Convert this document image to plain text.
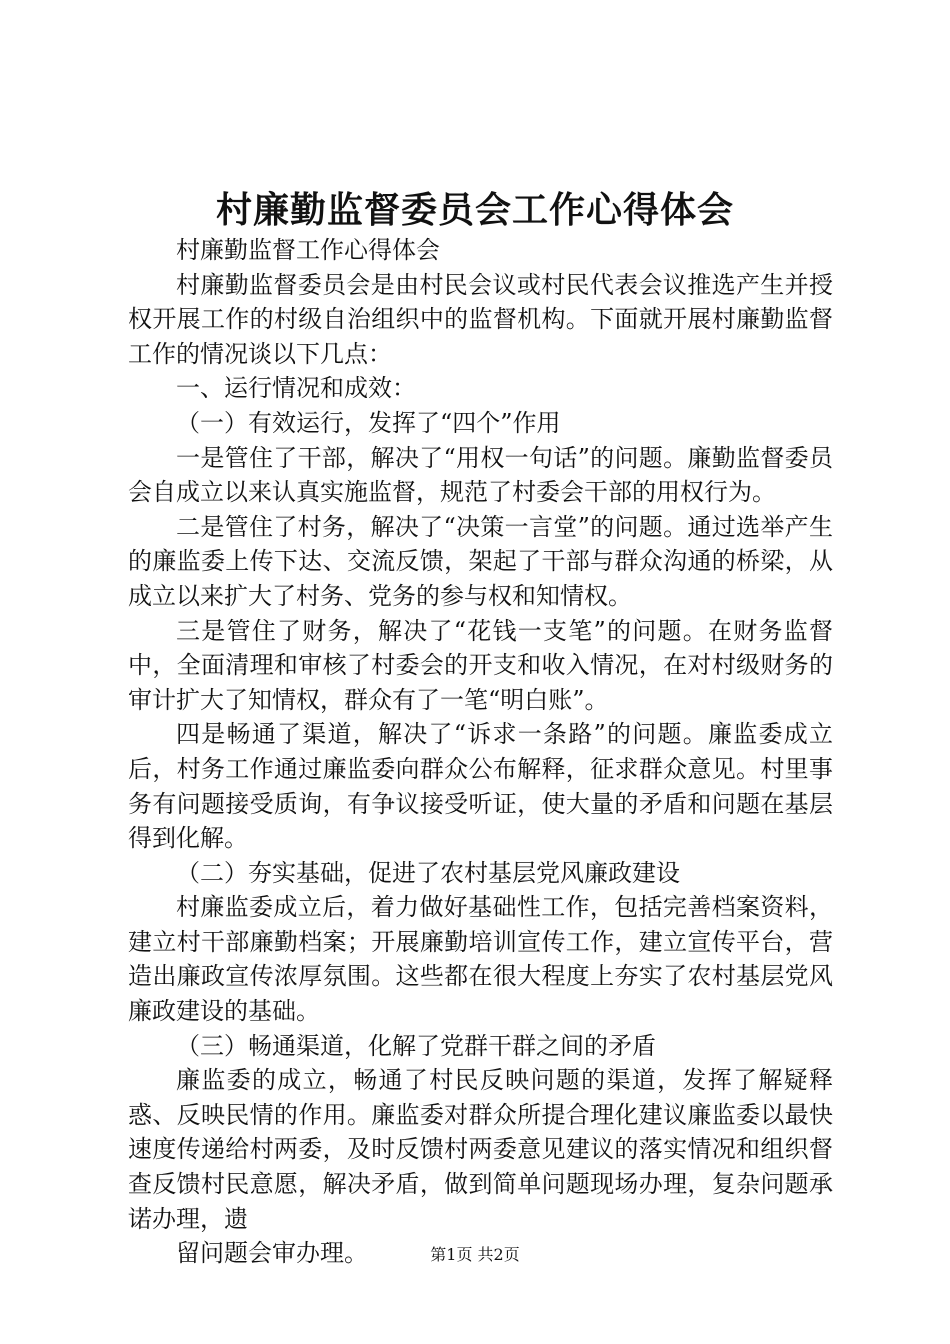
村廉勤监督委员会工作心得体会

村廉勤监督工作心得体会

村廉勤监督委员会是由村民会议或村民代表会议推选产生并授权开展工作的村级自治组织中的监督机构。下面就开展村廉勤监督工作的情况谈以下几点：

一、运行情况和成效：

（一）有效运行，发挥了“四个”作用

一是管住了干部，解决了“用权一句话”的问题。廉勤监督委员会自成立以来认真实施监督，规范了村委会干部的用权行为。

二是管住了村务，解决了“决策一言堂”的问题。通过选举产生的廉监委上传下达、交流反馈，架起了干部与群众沟通的桥梁，从成立以来扩大了村务、党务的参与权和知情权。

三是管住了财务，解决了“花钱一支笔”的问题。在财务监督中，全面清理和审核了村委会的开支和收入情况，在对村级财务的审计扩大了知情权，群众有了一笔“明白账”。

四是畅通了渠道，解决了“诉求一条路”的问题。廉监委成立后，村务工作通过廉监委向群众公布解释，征求群众意见。村里事务有问题接受质询，有争议接受听证，使大量的矛盾和问题在基层得到化解。

（二）夯实基础，促进了农村基层党风廉政建设

村廉监委成立后，着力做好基础性工作，包括完善档案资料，建立村干部廉勤档案；开展廉勤培训宣传工作，建立宣传平台，营造出廉政宣传浓厚氛围。这些都在很大程度上夯实了农村基层党风廉政建设的基础。

（三）畅通渠道，化解了党群干群之间的矛盾

廉监委的成立，畅通了村民反映问题的渠道，发挥了解疑释惑、反映民情的作用。廉监委对群众所提合理化建议廉监委以最快速度传递给村两委，及时反馈村两委意见建议的落实情况和组织督查反馈村民意愿，解决矛盾，做到简单问题现场办理，复杂问题承诺办理，遗

留问题会审办理。	第1页 共2页
